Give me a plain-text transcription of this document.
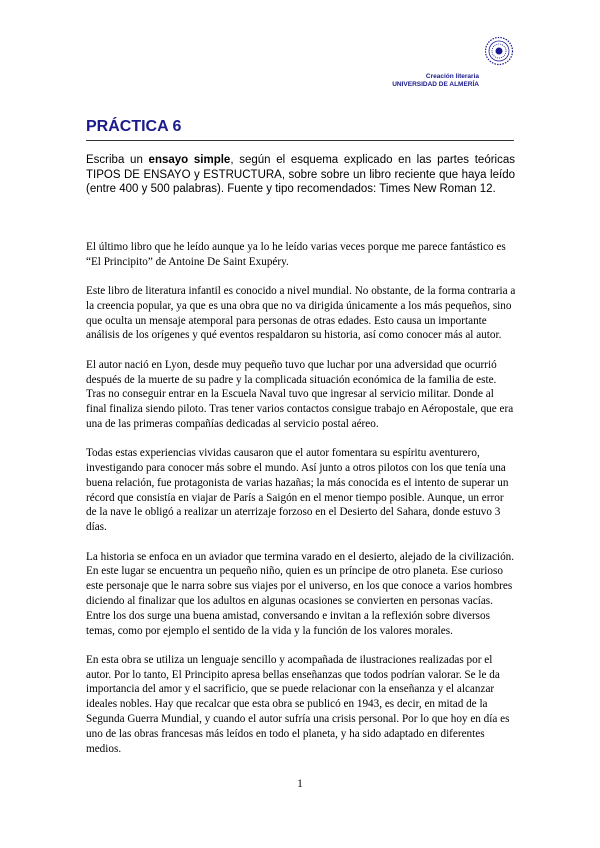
Creación literaria
UNIVERSIDAD DE ALMERÍA
PRÁCTICA 6

Escriba un ensayo simple, según el esquema explicado en las partes teóricas TIPOS DE ENSAYO y ESTRUCTURA, sobre sobre un libro reciente que haya leído (entre 400 y 500 palabras). Fuente y tipo recomendados: Times New Roman 12.

El último libro que he leído aunque ya lo he leído varias veces porque me parece fantástico es “El Principito” de Antoine De Saint Exupéry.

Este libro de literatura infantil es conocido a nivel mundial. No obstante, de la forma contraria a la creencia popular, ya que es una obra que no va dirigida únicamente a los más pequeños, sino que oculta un mensaje atemporal para personas de otras edades. Esto causa un importante análisis de los orígenes y qué eventos respaldaron su historia, así como conocer más al autor.

El autor nació en Lyon, desde muy pequeño tuvo que luchar por una adversidad que ocurrió después de la muerte de su padre y la complicada situación económica de la familia de este. Tras no conseguir entrar en la Escuela Naval tuvo que ingresar al servicio militar. Donde al final finaliza siendo piloto. Tras tener varios contactos consigue trabajo en Aéropostale, que era una de las primeras compañías dedicadas al servicio postal aéreo.

Todas estas experiencias vividas causaron que el autor fomentara su espíritu aventurero, investigando para conocer más sobre el mundo. Así junto a otros pilotos con los que tenía una buena relación, fue protagonista de varias hazañas; la más conocida es el intento de superar un récord que consistía en viajar de París a Saigón en el menor tiempo posible. Aunque, un error de la nave le obligó a realizar un aterrizaje forzoso en el Desierto del Sahara, donde estuvo 3 días.

La historia se enfoca en un aviador que termina varado en el desierto, alejado de la civilización. En este lugar se encuentra un pequeño niño, quien es un príncipe de otro planeta. Ese curioso este personaje que le narra sobre sus viajes por el universo, en los que conoce a varios hombres diciendo al finalizar que los adultos en algunas ocasiones se convierten en personas vacías. Entre los dos surge una buena amistad, conversando e invitan a la reflexión sobre diversos temas, como por ejemplo el sentido de la vida y la función de los valores morales.

En esta obra se utiliza un lenguaje sencillo y acompañada de ilustraciones realizadas por el autor. Por lo tanto, El Principito apresa bellas enseñanzas que todos podrían valorar. Se le da importancia del amor y el sacrificio, que se puede relacionar con la enseñanza y el alcanzar ideales nobles. Hay que recalcar que esta obra se publicó en 1943, es decir, en mitad de la Segunda Guerra Mundial, y cuando el autor sufría una crisis personal. Por lo que hoy en día es uno de las obras francesas más leídos en todo el planeta, y ha sido adaptado en diferentes medios.

1
